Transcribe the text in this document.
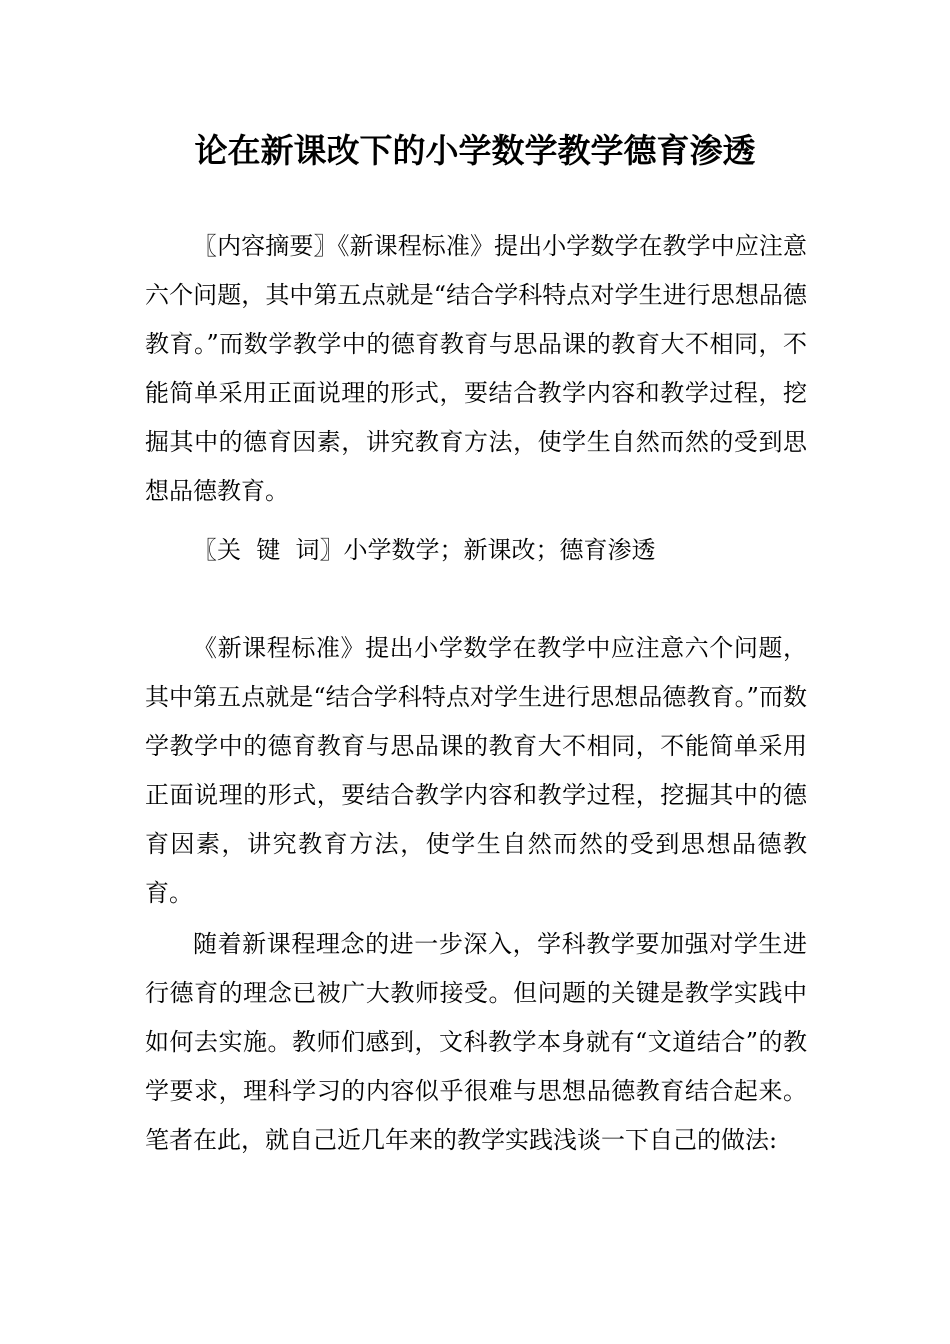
论在新课改下的小学数学教学德育渗透

〖内容摘要〗《新课程标准》提出小学数学在教学中应注意六个问题，其中第五点就是“结合学科特点对学生进行思想品德教育。”而数学教学中的德育教育与思品课的教育大不相同，不能简单采用正面说理的形式，要结合教学内容和教学过程，挖掘其中的德育因素，讲究教育方法，使学生自然而然的受到思想品德教育。

〖关  键  词〗小学数学；新课改；德育渗透

《新课程标准》提出小学数学在教学中应注意六个问题，其中第五点就是“结合学科特点对学生进行思想品德教育。”而数学教学中的德育教育与思品课的教育大不相同，不能简单采用正面说理的形式，要结合教学内容和教学过程，挖掘其中的德育因素，讲究教育方法，使学生自然而然的受到思想品德教育。

随着新课程理念的进一步深入，学科教学要加强对学生进行德育的理念已被广大教师接受。但问题的关键是教学实践中如何去实施。教师们感到，文科教学本身就有“文道结合”的教学要求，理科学习的内容似乎很难与思想品德教育结合起来。笔者在此，就自己近几年来的教学实践浅谈一下自己的做法:
